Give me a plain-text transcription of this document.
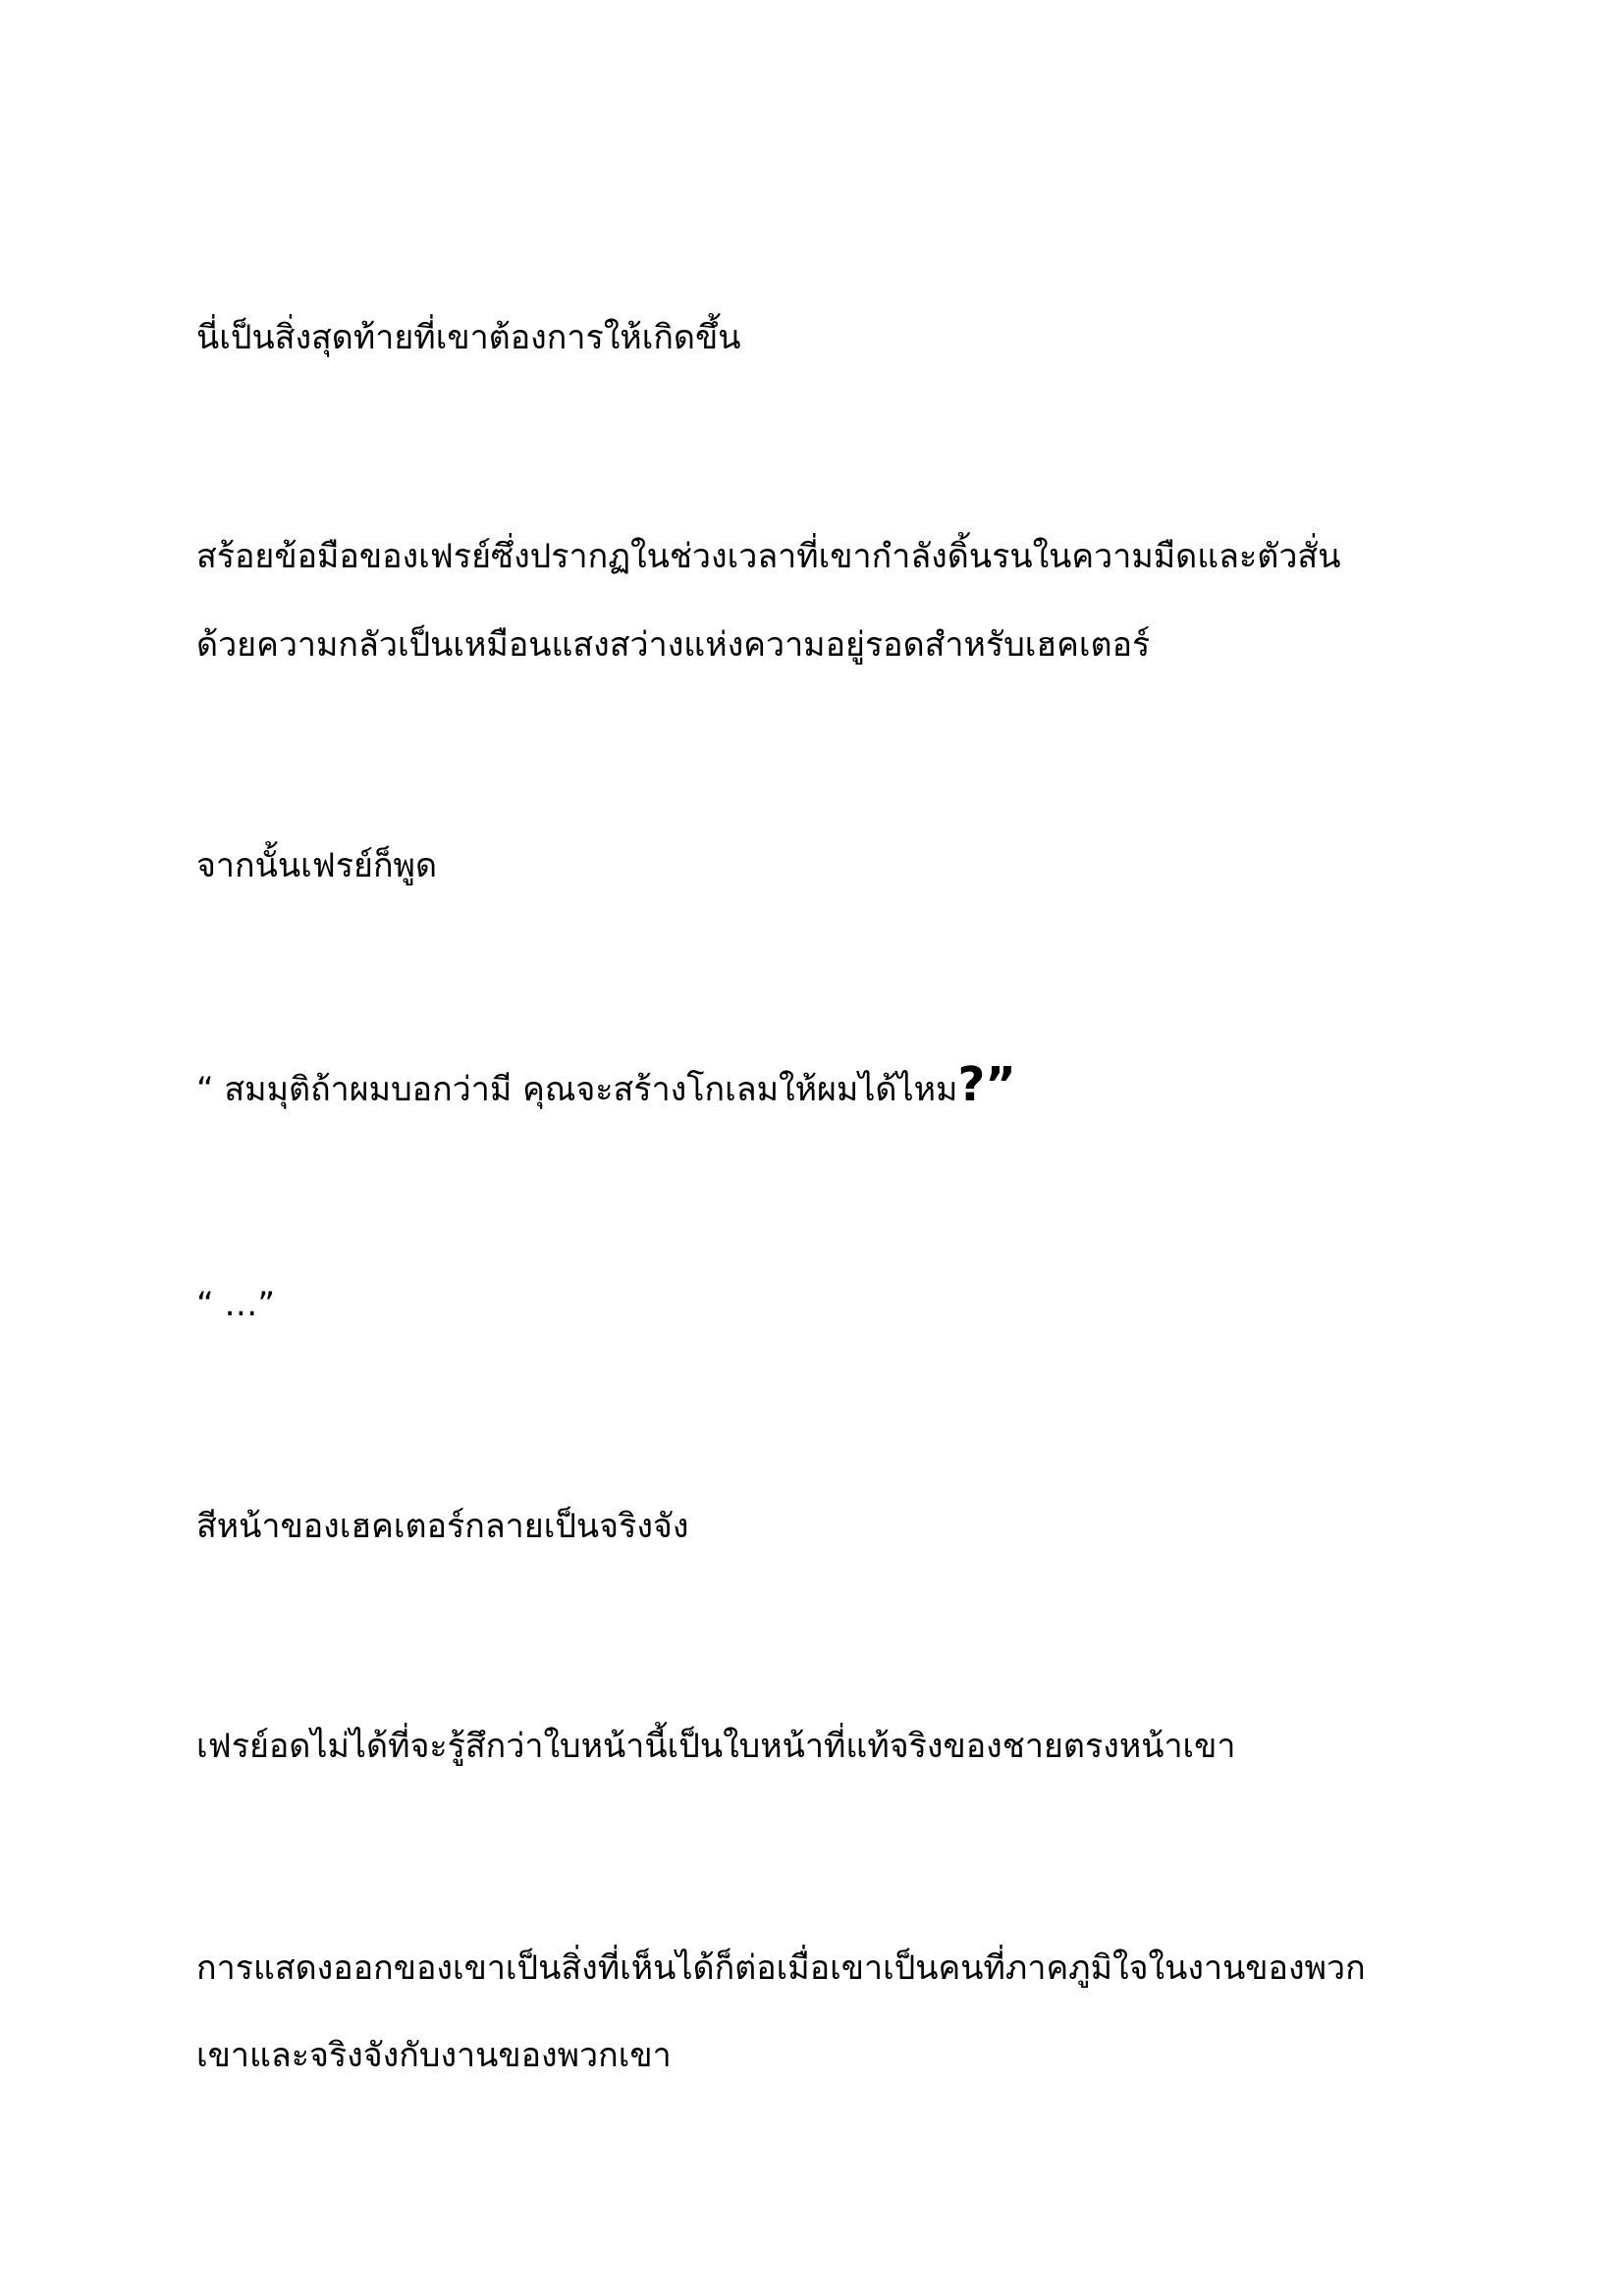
นี่เป็นสิ่งสุดท้ายที่เขาต้องการให้เกิดขึ้น

สร้อยข้อมือของเฟรย์ซึ่งปรากฏในช่วงเวลาที่เขากำลังดิ้นรนในความมืดและตัวสั่น

ด้วยความกลัวเป็นเหมือนแสงสว่างแห่งความอยู่รอดสำหรับเฮคเตอร์

จากนั้นเฟรย์ก็พูด

“ สมมุติถ้าผมบอกว่ามี คุณจะสร้างโกเลมให้ผมได้ไหม?”

“ …”

สีหน้าของเฮคเตอร์กลายเป็นจริงจัง

เฟรย์อดไม่ได้ที่จะรู้สึกว่าใบหน้านี้เป็นใบหน้าที่แท้จริงของชายตรงหน้าเขา

การแสดงออกของเขาเป็นสิ่งที่เห็นได้ก็ต่อเมื่อเขาเป็นคนที่ภาคภูมิใจในงานของพวก

เขาและจริงจังกับงานของพวกเขา
